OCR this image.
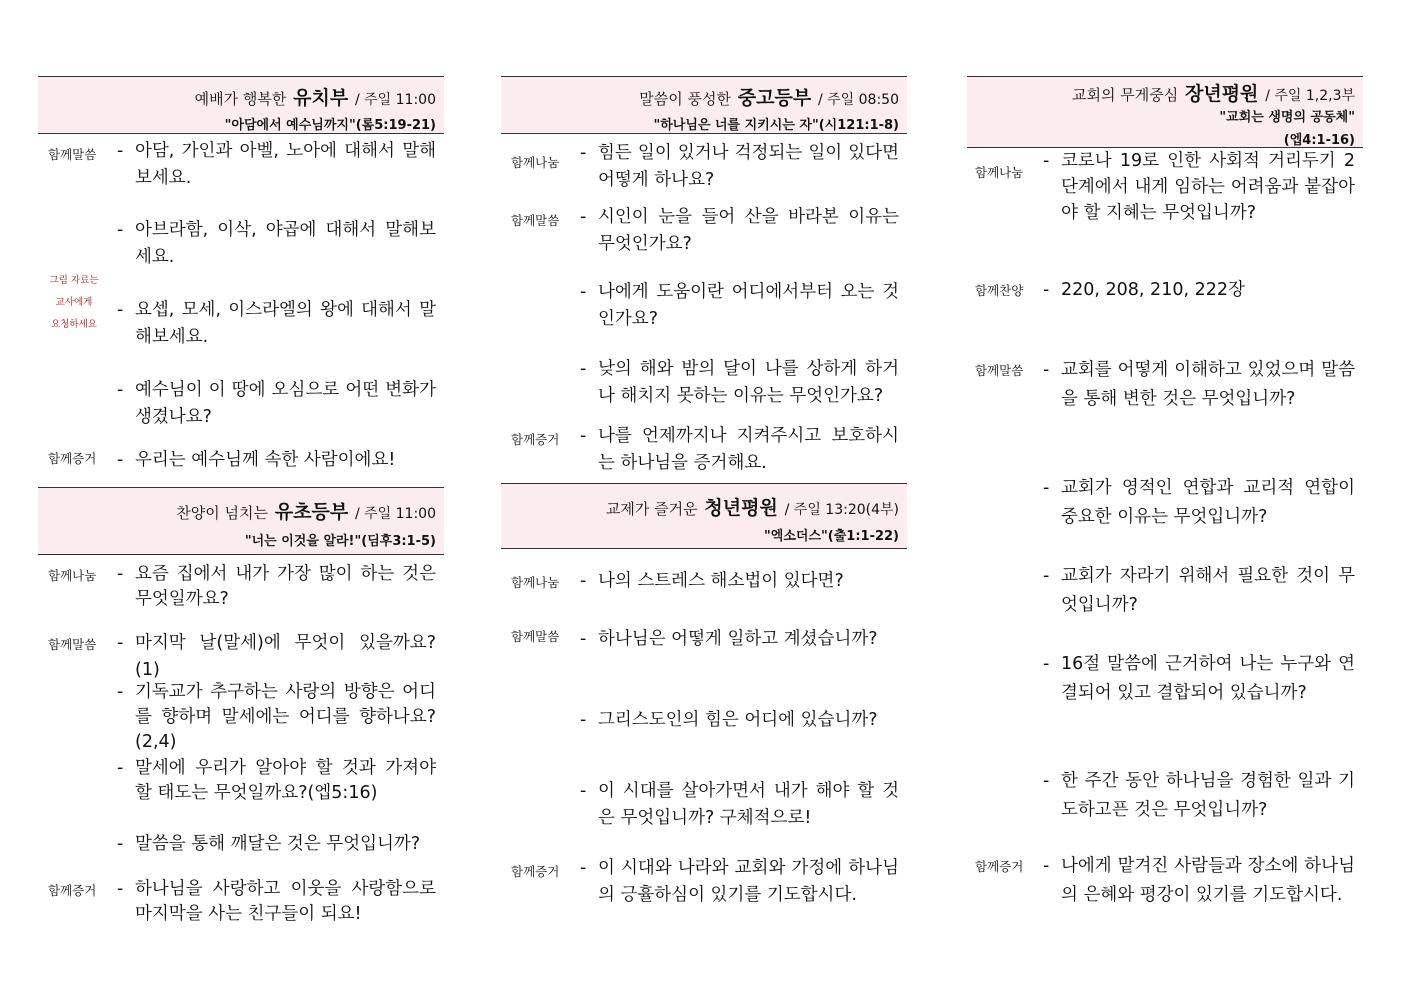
예배가 행복한 유치부 / 주일 11:00
"아담에서 예수님까지"(롬5:19-21)
함께말씀
그림 자료는
교사에게
요청하세요
함께증거
- 아담, 가인과 아벨, 노아에 대해서 말해보세요.
- 아브라함, 이삭, 야곱에 대해서 말해보세요.
- 요셉, 모세, 이스라엘의 왕에 대해서 말해보세요.
- 예수님이 이 땅에 오심으로 어떤 변화가 생겼나요?
- 우리는 예수님께 속한 사람이에요!
찬양이 넘치는 유초등부 / 주일 11:00
"너는 이것을 알라!"(딤후3:1-5)
함께나눔
함께말씀
함께증거
- 요즘 집에서 내가 가장 많이 하는 것은 무엇일까요?
- 마지막 날(말세)에 무엇이 있을까요?(1)
- 기독교가 추구하는 사랑의 방향은 어디를 향하며 말세에는 어디를 향하나요?(2,4)
- 말세에 우리가 알아야 할 것과 가져야 할 태도는 무엇일까요?(엡5:16)
- 말씀을 통해 깨달은 것은 무엇입니까?
- 하나님을 사랑하고 이웃을 사랑함으로 마지막을 사는 친구들이 되요!
말씀이 풍성한 중고등부 / 주일 08:50
"하나님은 너를 지키시는 자"(시121:1-8)
함께나눔
함께말씀
함께증거
- 힘든 일이 있거나 걱정되는 일이 있다면 어떻게 하나요?
- 시인이 눈을 들어 산을 바라본 이유는 무엇인가요?
- 나에게 도움이란 어디에서부터 오는 것인가요?
- 낮의 해와 밤의 달이 나를 상하게 하거나 해치지 못하는 이유는 무엇인가요?
- 나를 언제까지나 지켜주시고 보호하시는 하나님을 증거해요.
교제가 즐거운 청년평원 / 주일 13:20(4부)
"엑소더스"(출1:1-22)
함께나눔
함께말씀
함께증거
- 나의 스트레스 해소법이 있다면?
- 하나님은 어떻게 일하고 계셨습니까?
- 그리스도인의 힘은 어디에 있습니까?
- 이 시대를 살아가면서 내가 해야 할 것은 무엇입니까? 구체적으로!
- 이 시대와 나라와 교회와 가정에 하나님의 긍휼하심이 있기를 기도합시다.
교회의 무게중심 장년평원 / 주일 1,2,3부
"교회는 생명의 공동체"
(엡4:1-16)
함께나눔
함께찬양
함께말씀
함께증거
- 코로나 19로 인한 사회적 거리두기 2단계에서 내게 임하는 어려움과 붙잡아야 할 지혜는 무엇입니까?
- 220, 208, 210, 222장
- 교회를 어떻게 이해하고 있었으며 말씀을 통해 변한 것은 무엇입니까?
- 교회가 영적인 연합과 교리적 연합이 중요한 이유는 무엇입니까?
- 교회가 자라기 위해서 필요한 것이 무엇입니까?
- 16절 말씀에 근거하여 나는 누구와 연결되어 있고 결합되어 있습니까?
- 한 주간 동안 하나님을 경험한 일과 기도하고픈 것은 무엇입니까?
- 나에게 맡겨진 사람들과 장소에 하나님의 은혜와 평강이 있기를 기도합시다.
